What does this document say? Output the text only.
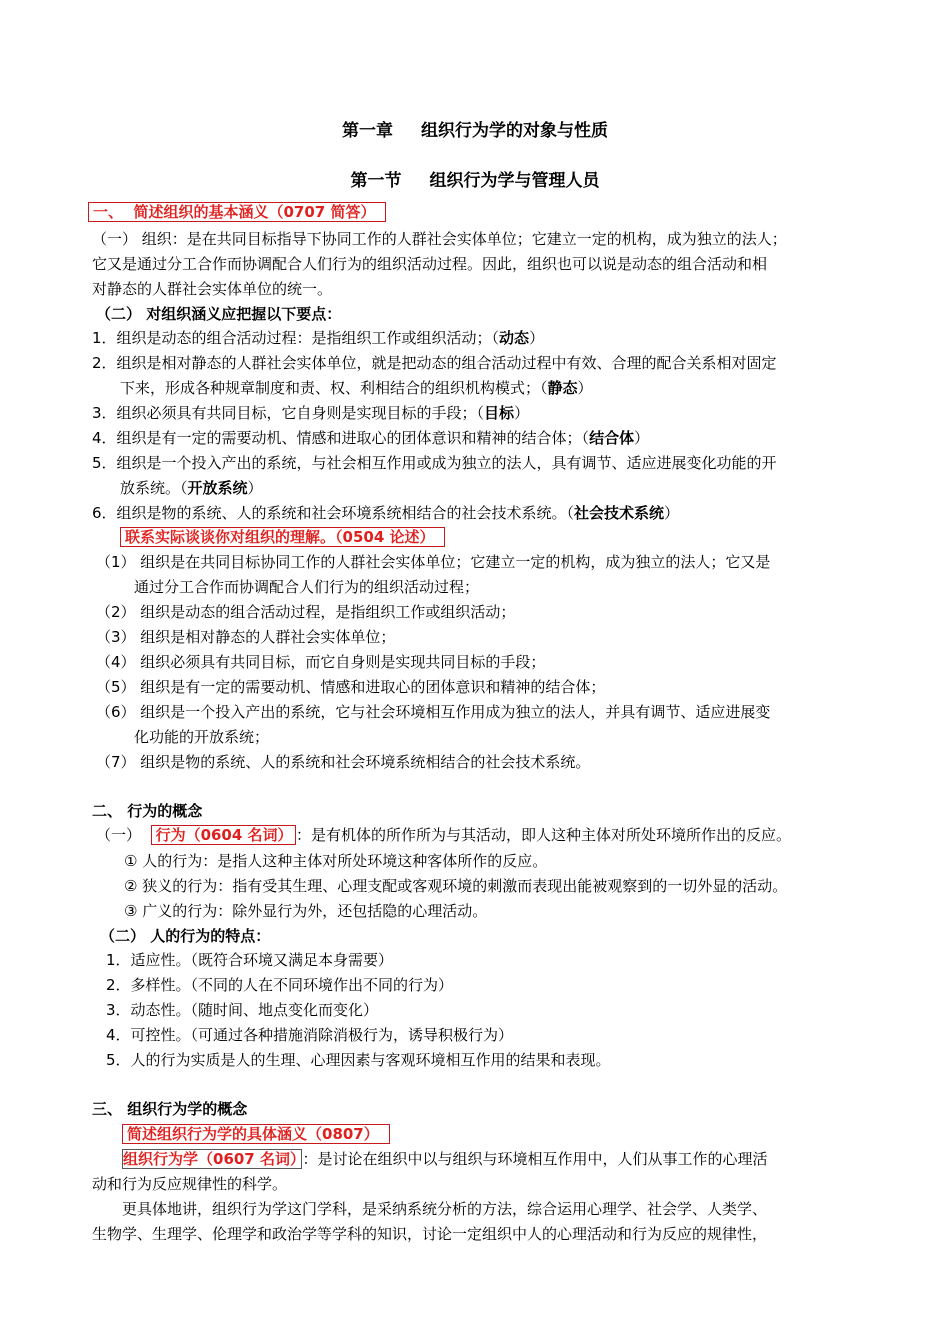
第一章 组织行为学的对象与性质
第一节 组织行为学与管理人员
一、 简述组织的基本涵义（0707 简答）
（一） 组织：是在共同目标指导下协同工作的人群社会实体单位；它建立一定的机构，成为独立的法人；
它又是通过分工合作而协调配合人们行为的组织活动过程。因此，组织也可以说是动态的组合活动和相
对静态的人群社会实体单位的统一。
（二） 对组织涵义应把握以下要点：
1．组织是动态的组合活动过程：是指组织工作或组织活动；（动态）
2．组织是相对静态的人群社会实体单位，就是把动态的组合活动过程中有效、合理的配合关系相对固定
下来，形成各种规章制度和责、权、利相结合的组织机构模式；（静态）
3．组织必须具有共同目标，它自身则是实现目标的手段；（目标）
4．组织是有一定的需要动机、情感和进取心的团体意识和精神的结合体；（结合体）
5．组织是一个投入产出的系统，与社会相互作用或成为独立的法人，具有调节、适应进展变化功能的开
放系统。（开放系统）
6．组织是物的系统、人的系统和社会环境系统相结合的社会技术系统。（社会技术系统）
联系实际谈谈你对组织的理解。（0504 论述）
（1） 组织是在共同目标协同工作的人群社会实体单位；它建立一定的机构，成为独立的法人；它又是
通过分工合作而协调配合人们行为的组织活动过程；
（2） 组织是动态的组合活动过程，是指组织工作或组织活动；
（3） 组织是相对静态的人群社会实体单位；
（4） 组织必须具有共同目标，而它自身则是实现共同目标的手段；
（5） 组织是有一定的需要动机、情感和进取心的团体意识和精神的结合体；
（6） 组织是一个投入产出的系统，它与社会环境相互作用成为独立的法人，并具有调节、适应进展变
化功能的开放系统；
（7） 组织是物的系统、人的系统和社会环境系统相结合的社会技术系统。
二、 行为的概念
（一） 行为（0604 名词） ：是有机体的所作所为与其活动，即人这种主体对所处环境所作出的反应。
① 人的行为：是指人这种主体对所处环境这种客体所作的反应。
② 狭义的行为：指有受其生理、心理支配或客观环境的刺激而表现出能被观察到的一切外显的活动。
③ 广义的行为：除外显行为外，还包括隐的心理活动。
（二） 人的行为的特点：
1．适应性。（既符合环境又满足本身需要）
2．多样性。（不同的人在不同环境作出不同的行为）
3．动态性。（随时间、地点变化而变化）
4．可控性。（可通过各种措施消除消极行为，诱导积极行为）
5．人的行为实质是人的生理、心理因素与客观环境相互作用的结果和表现。
三、 组织行为学的概念
简述组织行为学的具体涵义（0807）
组织行为学（0607 名词） ：是讨论在组织中以与组织与环境相互作用中，人们从事工作的心理活
动和行为反应规律性的科学。
更具体地讲，组织行为学这门学科，是采纳系统分析的方法，综合运用心理学、社会学、人类学、
生物学、生理学、伦理学和政治学等学科的知识，讨论一定组织中人的心理活动和行为反应的规律性，
